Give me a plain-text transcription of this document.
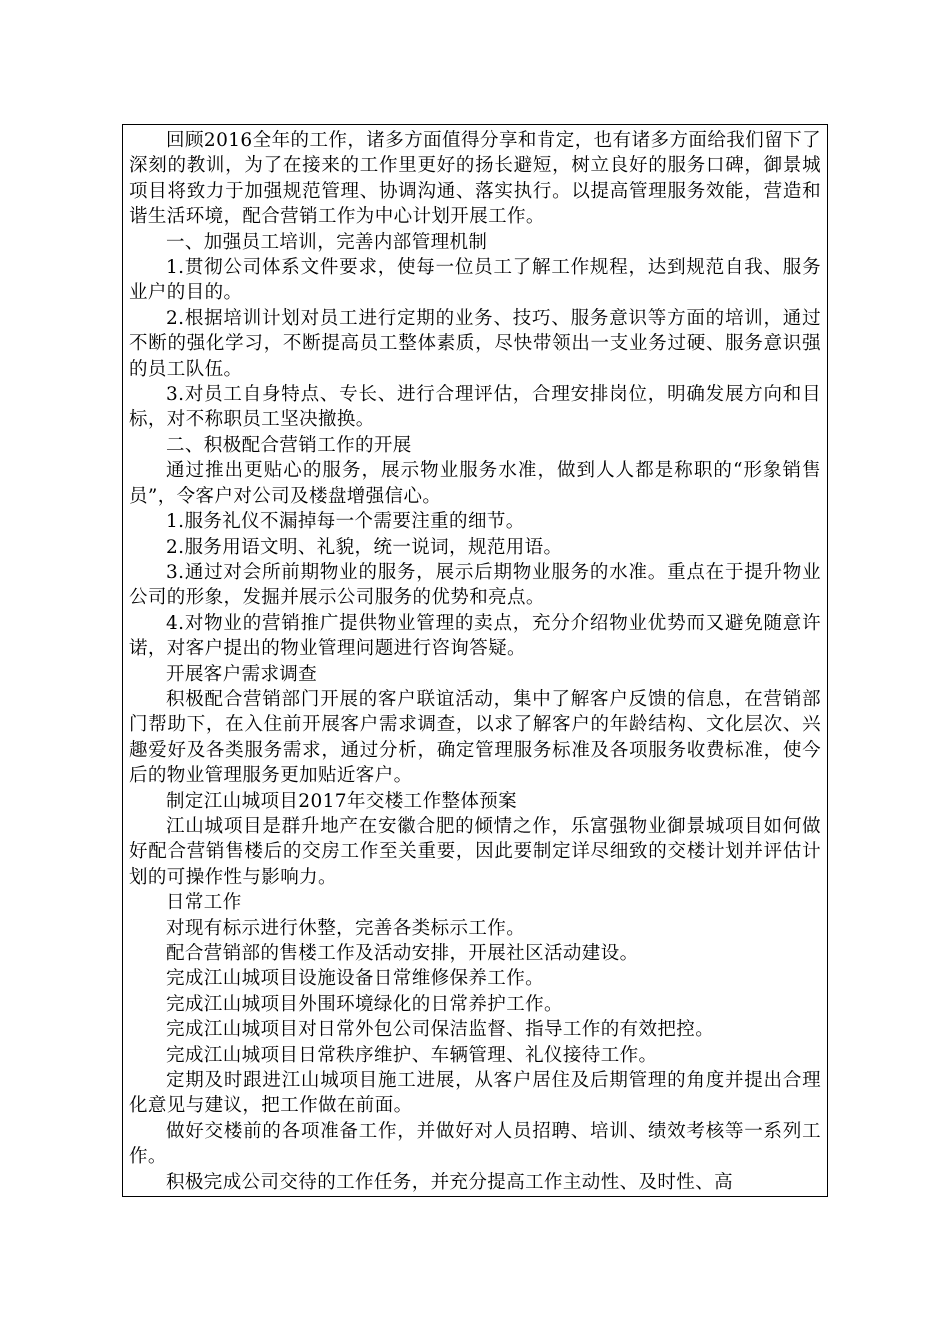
回顾2016全年的工作，诸多方面值得分享和肯定，也有诸多方面给我们留下了深刻的教训，为了在接来的工作里更好的扬长避短，树立良好的服务口碑，御景城项目将致力于加强规范管理、协调沟通、落实执行。以提高管理服务效能，营造和谐生活环境，配合营销工作为中心计划开展工作。

一、加强员工培训，完善内部管理机制

1.贯彻公司体系文件要求，使每一位员工了解工作规程，达到规范自我、服务业户的目的。

2.根据培训计划对员工进行定期的业务、技巧、服务意识等方面的培训，通过不断的强化学习，不断提高员工整体素质，尽快带领出一支业务过硬、服务意识强的员工队伍。

3.对员工自身特点、专长、进行合理评估，合理安排岗位，明确发展方向和目标，对不称职员工坚决撤换。

二、积极配合营销工作的开展

通过推出更贴心的服务，展示物业服务水准，做到人人都是称职的“形象销售员”，令客户对公司及楼盘增强信心。

1.服务礼仪不漏掉每一个需要注重的细节。

2.服务用语文明、礼貌，统一说词，规范用语。

3.通过对会所前期物业的服务，展示后期物业服务的水准。重点在于提升物业公司的形象，发掘并展示公司服务的优势和亮点。

4.对物业的营销推广提供物业管理的卖点，充分介绍物业优势而又避免随意许诺，对客户提出的物业管理问题进行咨询答疑。

开展客户需求调查

积极配合营销部门开展的客户联谊活动，集中了解客户反馈的信息，在营销部门帮助下，在入住前开展客户需求调查，以求了解客户的年龄结构、文化层次、兴趣爱好及各类服务需求，通过分析，确定管理服务标准及各项服务收费标准，使今后的物业管理服务更加贴近客户。

制定江山城项目2017年交楼工作整体预案

江山城项目是群升地产在安徽合肥的倾情之作，乐富强物业御景城项目如何做好配合营销售楼后的交房工作至关重要，因此要制定详尽细致的交楼计划并评估计划的可操作性与影响力。

日常工作

对现有标示进行休整，完善各类标示工作。

配合营销部的售楼工作及活动安排，开展社区活动建设。

完成江山城项目设施设备日常维修保养工作。

完成江山城项目外围环境绿化的日常养护工作。

完成江山城项目对日常外包公司保洁监督、指导工作的有效把控。

完成江山城项目日常秩序维护、车辆管理、礼仪接待工作。

定期及时跟进江山城项目施工进展，从客户居住及后期管理的角度并提出合理化意见与建议，把工作做在前面。

做好交楼前的各项准备工作，并做好对人员招聘、培训、绩效考核等一系列工作。

积极完成公司交待的工作任务，并充分提高工作主动性、及时性、高
